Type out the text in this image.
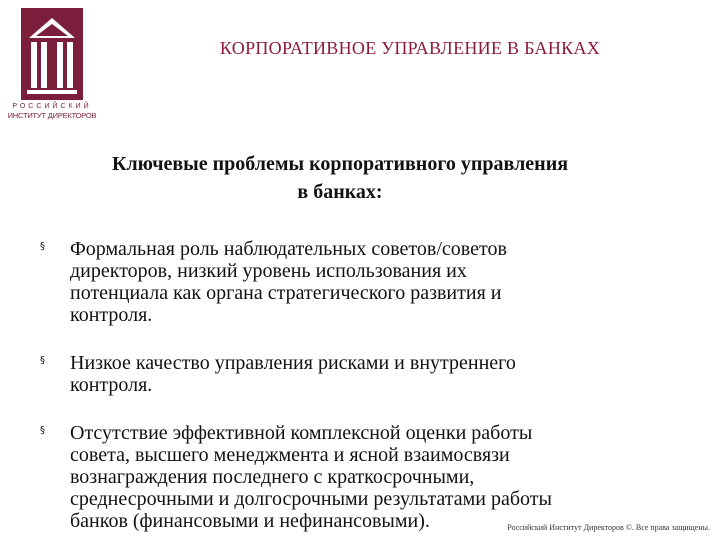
РОССИЙСКИЙ
ИНСТИТУТ ДИРЕКТОРОВ
КОРПОРАТИВНОЕ УПРАВЛЕНИЕ В БАНКАХ
Ключевые проблемы корпоративного управления
в банках:
§	Формальная роль наблюдательных советов/советов
директоров, низкий уровень использования их
потенциала как органа стратегического развития и
контроля.
§	Низкое качество управления рисками и внутреннего
контроля.
§	Отсутствие эффективной комплексной оценки работы
совета, высшего менеджмента и ясной взаимосвязи
вознаграждения последнего с краткосрочными,
среднесрочными и долгосрочными результатами работы
банков (финансовыми и нефинансовыми).	Российский Институт Директоров ©. Все права защищены.
